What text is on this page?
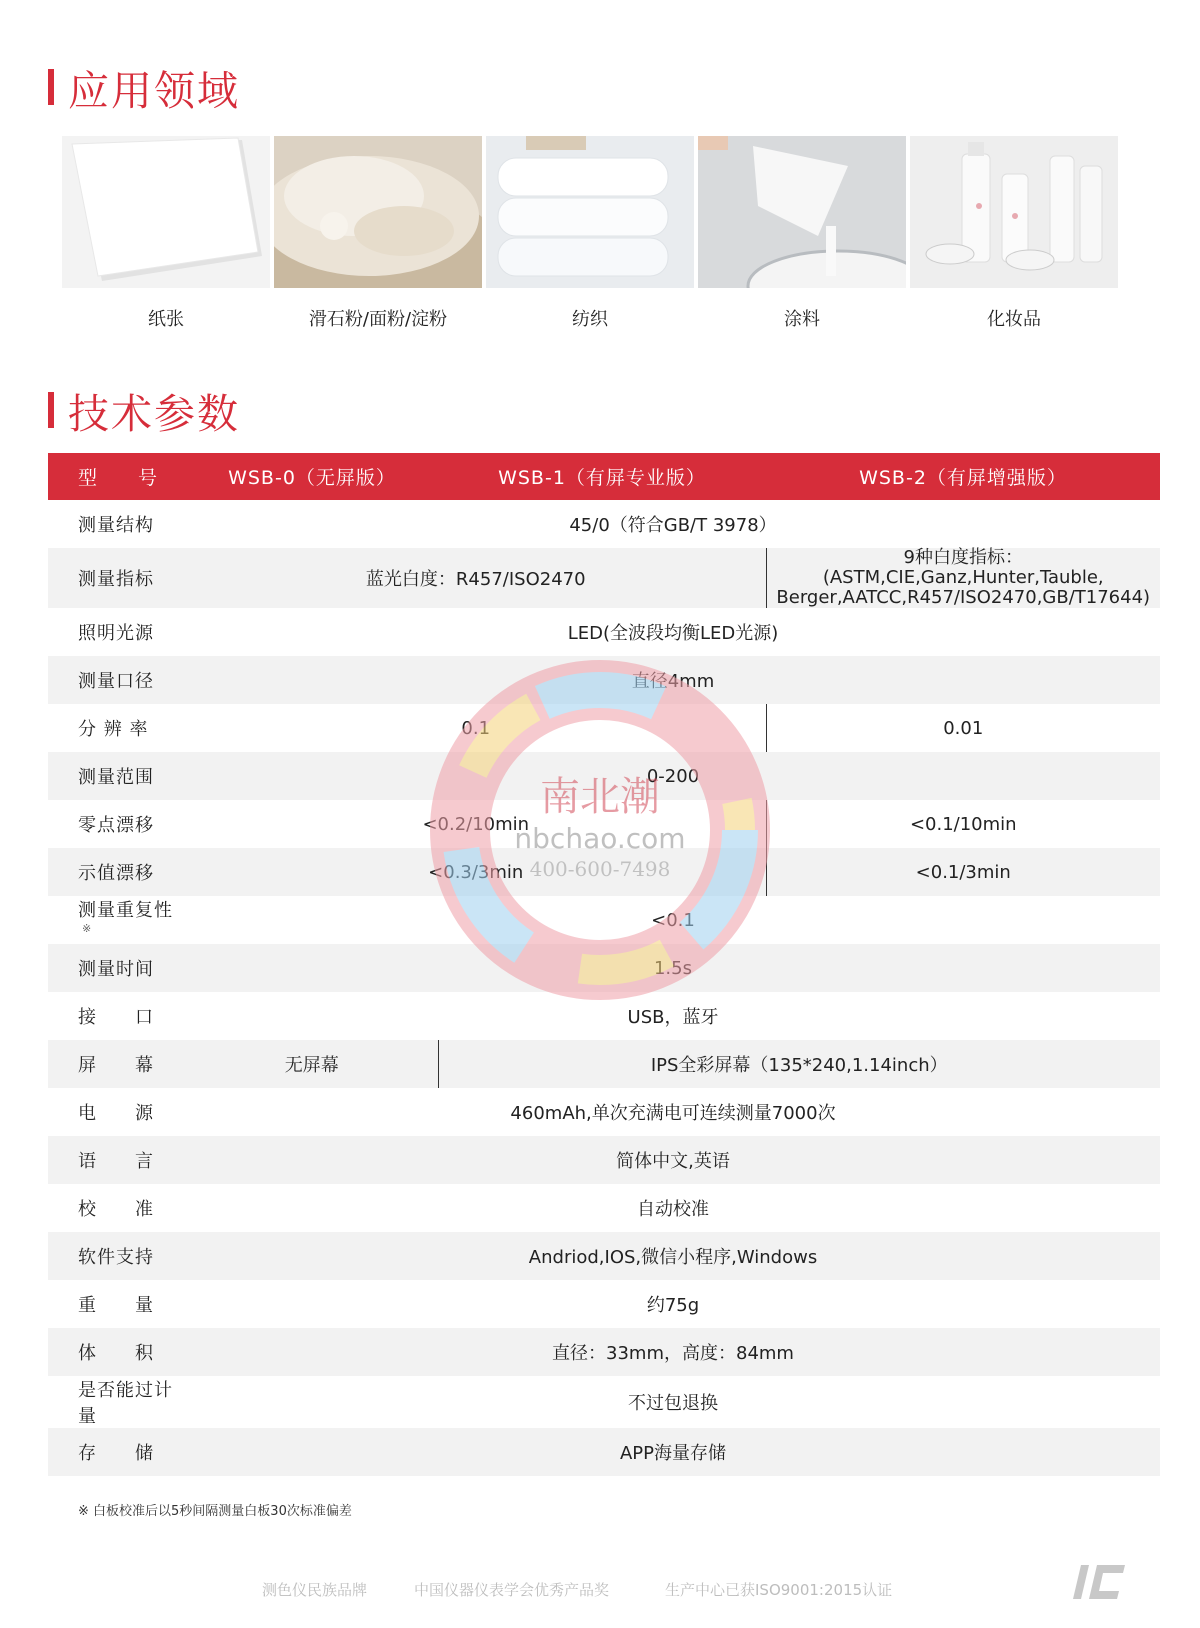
应用领域
纸张	滑石粉/面粉/淀粉	纺织	涂料	化妆品
技术参数
型　　号	WSB-0（无屏版）	WSB-1（有屏专业版）	WSB-2（有屏增强版）
测量结构	45/0（符合GB/T 3978）		
测量指标	蓝光白度：R457/ISO2470		9种白度指标：(ASTM,CIE,Ganz,Hunter,Tauble,
Berger,AATCC,R457/ISO2470,GB/T17644)

照明光源	LED(全波段均衡LED光源)		
测量口径	直径4mm		
分 辨 率	0.1		0.01
测量范围	0-200		
零点漂移	<0.2/10min		<0.1/10min
示值漂移	<0.3/3min		<0.1/3min
测量重复性※	<0.1		
测量时间	1.5s		
接　　口	USB，蓝牙		
屏　　幕	无屏幕	IPS全彩屏幕（135*240,1.14inch）	
电　　源	460mAh,单次充满电可连续测量7000次		
语　　言	简体中文,英语		
校　　准	自动校准		
软件支持	Andriod,IOS,微信小程序,Windows		
重　　量	约75g		
体　　积	直径：33mm，高度：84mm		
是否能过计量	不过包退换		
存　　储	APP海量存储		
南北潮
nbchao.com
400-600-7498
※ 白板校准后以5秒间隔测量白板30次标准偏差
测色仪民族品牌	中国仪器仪表学会优秀产品奖	生产中心已获ISO9001:2015认证
